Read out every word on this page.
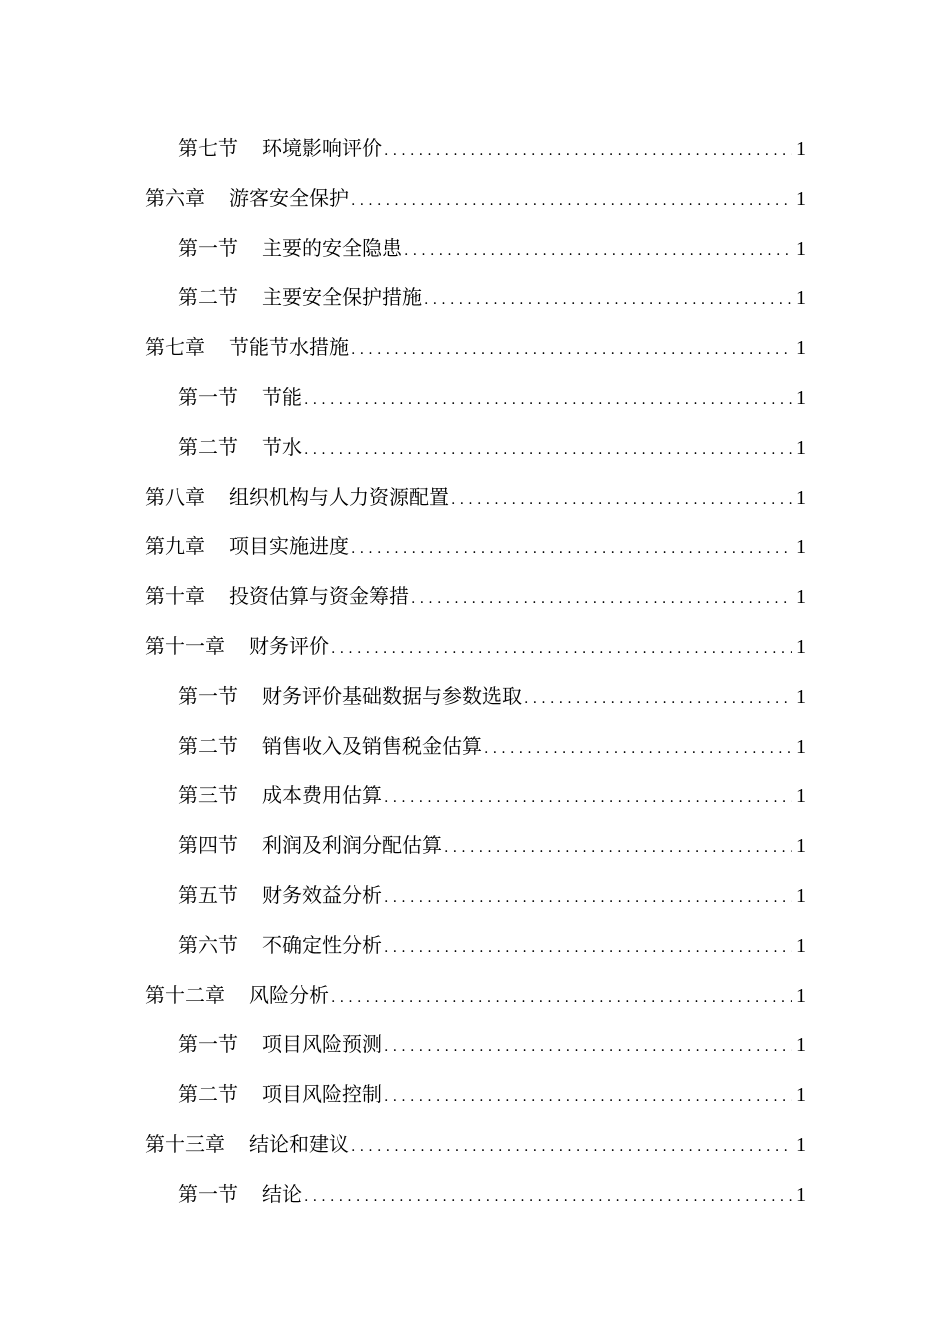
第七节 环境影响评价 .....	1
第六章 游客安全保护 .....	1
第一节 主要的安全隐患 .....	1
第二节 主要安全保护措施 .....	1
第七章 节能节水措施 .....	1
第一节 节能 .....	1
第二节 节水 .....	1
第八章 组织机构与人力资源配置 .....	1
第九章 项目实施进度 .....	1
第十章 投资估算与资金筹措 .....	1
第十一章 财务评价 .....	1
第一节 财务评价基础数据与参数选取 .....	1
第二节 销售收入及销售税金估算 .....	1
第三节 成本费用估算 .....	1
第四节 利润及利润分配估算 .....	1
第五节 财务效益分析 .....	1
第六节 不确定性分析 .....	1
第十二章 风险分析 .....	1
第一节 项目风险预测 .....	1
第二节 项目风险控制 .....	1
第十三章 结论和建议 .....	1
第一节 结论 .....	1
